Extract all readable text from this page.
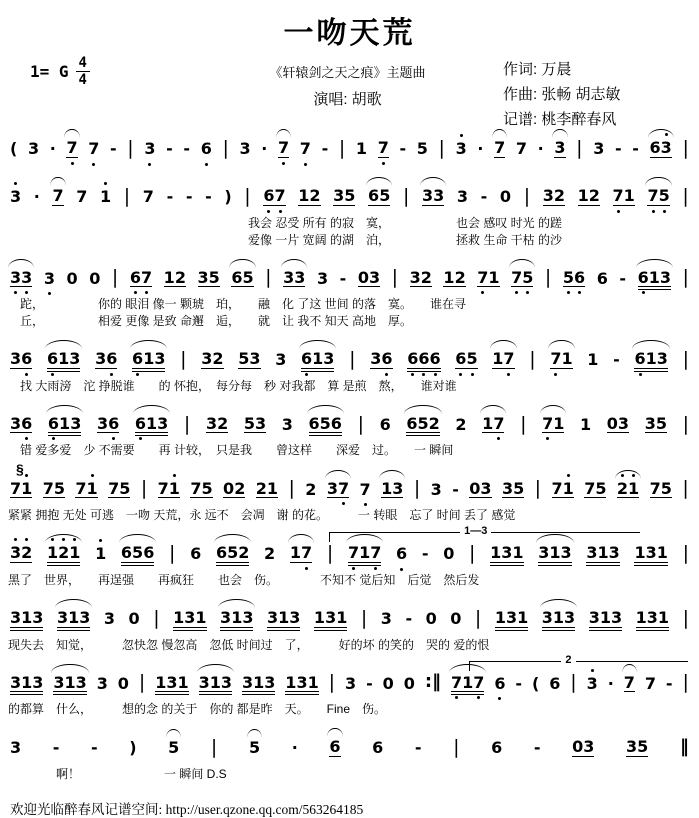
一吻天荒
1= G $\frac{4}{4}$	《轩辕剑之天之痕》主题曲
演唱: 胡歌
作词: 万晨
作曲: 张畅 胡志敏
记谱: 桃李醉春风
( 3 · 7 7 - | 3 - - 6 | 3 · 7 7 - | 1 7 - 5 | 3 · 7 7 · 3 | 3 - - 63 |
3 · 7 7 1 | 7 - - - ) | 67 12 35 65 | 33 3 - 0 | 32 12 71 75 |
　　　　　　　　　　　　　　　　　　　　我会 忍受 所有 的寂　寞，　　　　　　也会 感叹 时光 的蹉
　　　　　　　　　　　　　　　　　　　　爱像 一片 宽阔 的湖　泊，　　　　　　拯救 生命 干枯 的沙
33 3 0 0 | 67 12 35 65 | 33 3 - 03 | 32 12 71 75 | 56 6 - 613 |
　跎，　　　　　你的 眼泪 像一 颗琥　珀，　　融　化 了这 世间 的落　寞。　　谁在寻
　丘，　　　　　相爱 更像 是致 命邂　逅，　　就　让 我不 知天 高地　厚。
36 613 36 613 | 32 53 3 613 | 36 666 65 17 | 71 1 - 613 |
　找 大雨滂　沱 挣脱谁　　的 怀抱，　每分每　秒 对我都　算 是煎　熬，　　谁对谁
36 613 36 613 | 32 53 3 656 | 6 652 2 17 | 71 1 03 35 |
　错 爱多爱　少 不需要　　再 计较，　只是我　　曾这样　　深爱　过。　　一 瞬间
§
71 75 71 75 | 71 75 02 21 | 2 37 7 13 | 3 - 03 35 | 71 75 21 75 |
紧紧 拥抱 无处 可逃　一吻 天荒，永 远不　会凋　谢 的花。　　　一 转眼　忘了 时间 丢了 感觉
1—3
32 121 1 656 | 6 652 2 17 | 717 6 - 0 | 131 313 313 131 |
黑了　世界，　　再逞强　　再疯狂　　也会　伤。　　　　不知不 觉后知　后觉　然后发
313 313 3 0 | 131 313 313 131 | 3 - 0 0 | 131 313 313 131 |
现失去　知觉，　　　忽快忽 慢忽高　忽低 时间过　了，　　　好的坏 的笑的　哭的 爱的恨
2
313 313 3 0 | 131 313 313 131 | 3 - 0 0 :‖ 717 6 - ( 6 | 3 · 7 7 - |
的都算　什么，　　　想的念 的关于　你的 都是昨　天。　　Fine　伤。
3 - - ) 5 | 5 · 6 6 - | 6 - 03 35 ‖
　　　　啊！　　　　　　　一 瞬间 D.S
欢迎光临醉春风记谱空间: http://user.qzone.qq.com/563264185
